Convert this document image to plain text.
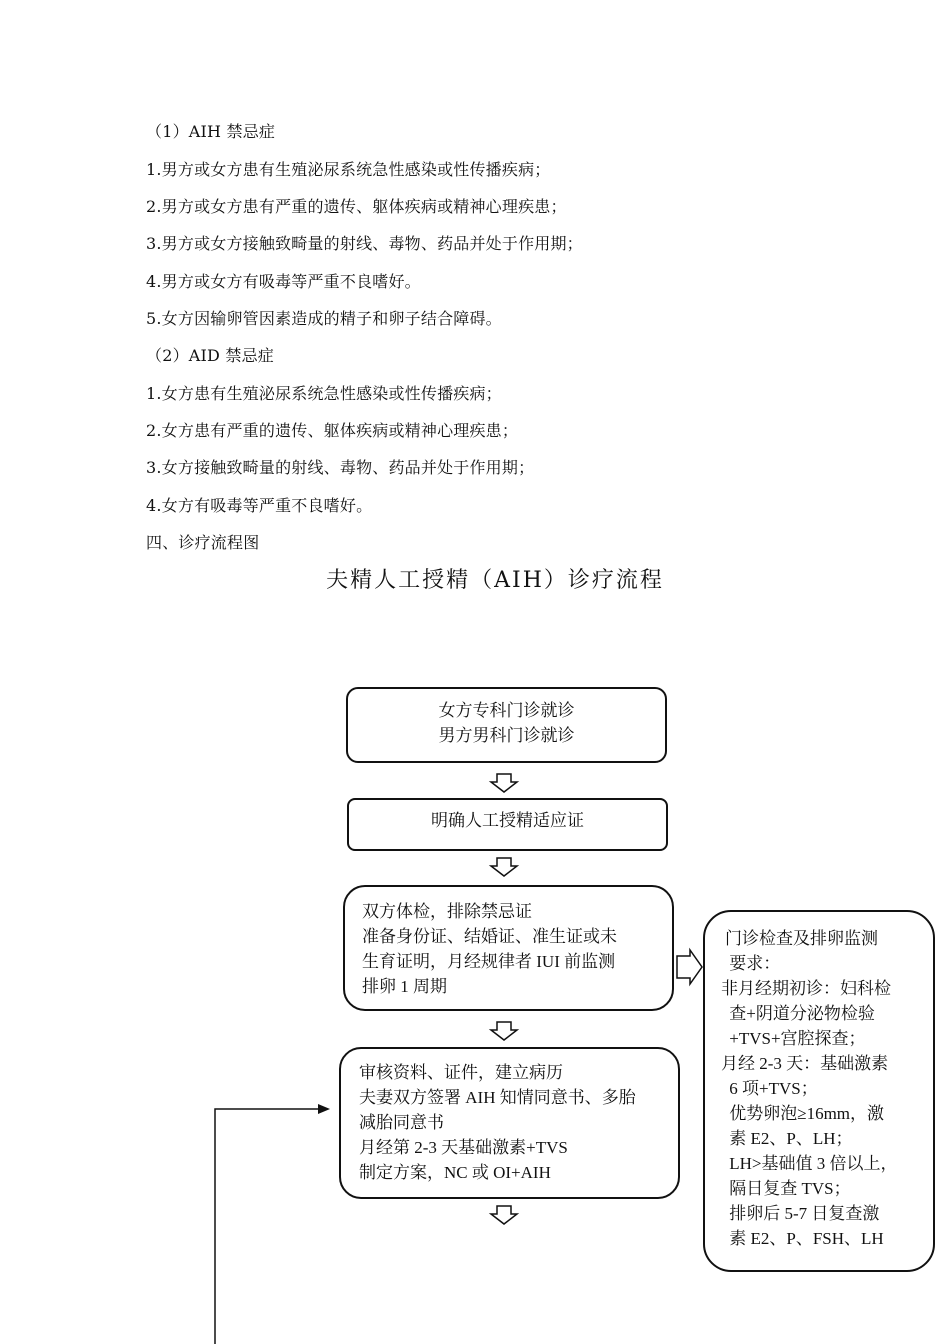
（1）AIH 禁忌症
1.男方或女方患有生殖泌尿系统急性感染或性传播疾病；
2.男方或女方患有严重的遗传、躯体疾病或精神心理疾患；
3.男方或女方接触致畸量的射线、毒物、药品并处于作用期；
4.男方或女方有吸毒等严重不良嗜好。
5.女方因输卵管因素造成的精子和卵子结合障碍。
（2）AID 禁忌症
1.女方患有生殖泌尿系统急性感染或性传播疾病；
2.女方患有严重的遗传、躯体疾病或精神心理疾患；
3.女方接触致畸量的射线、毒物、药品并处于作用期；
4.女方有吸毒等严重不良嗜好。
四、诊疗流程图
夫精人工授精（AIH）诊疗流程
女方专科门诊就诊
男方男科门诊就诊
明确人工授精适应证
双方体检，排除禁忌证
准备身份证、结婚证、准生证或未
生育证明，月经规律者 IUI 前监测
排卵 1 周期
审核资料、证件，建立病历
夫妻双方签署 AIH 知情同意书、多胎
减胎同意书
月经第 2-3 天基础激素+TVS
制定方案，NC 或 OI+AIH
门诊检查及排卵监测
要求：
非月经期初诊：妇科检
查+阴道分泌物检验
+TVS+宫腔探查；
月经 2-3 天：基础激素
6 项+TVS；
优势卵泡≥16mm，激
素 E2、P、LH；
LH>基础值 3 倍以上，
隔日复查 TVS；
排卵后 5-7 日复查激
素 E2、P、FSH、LH
